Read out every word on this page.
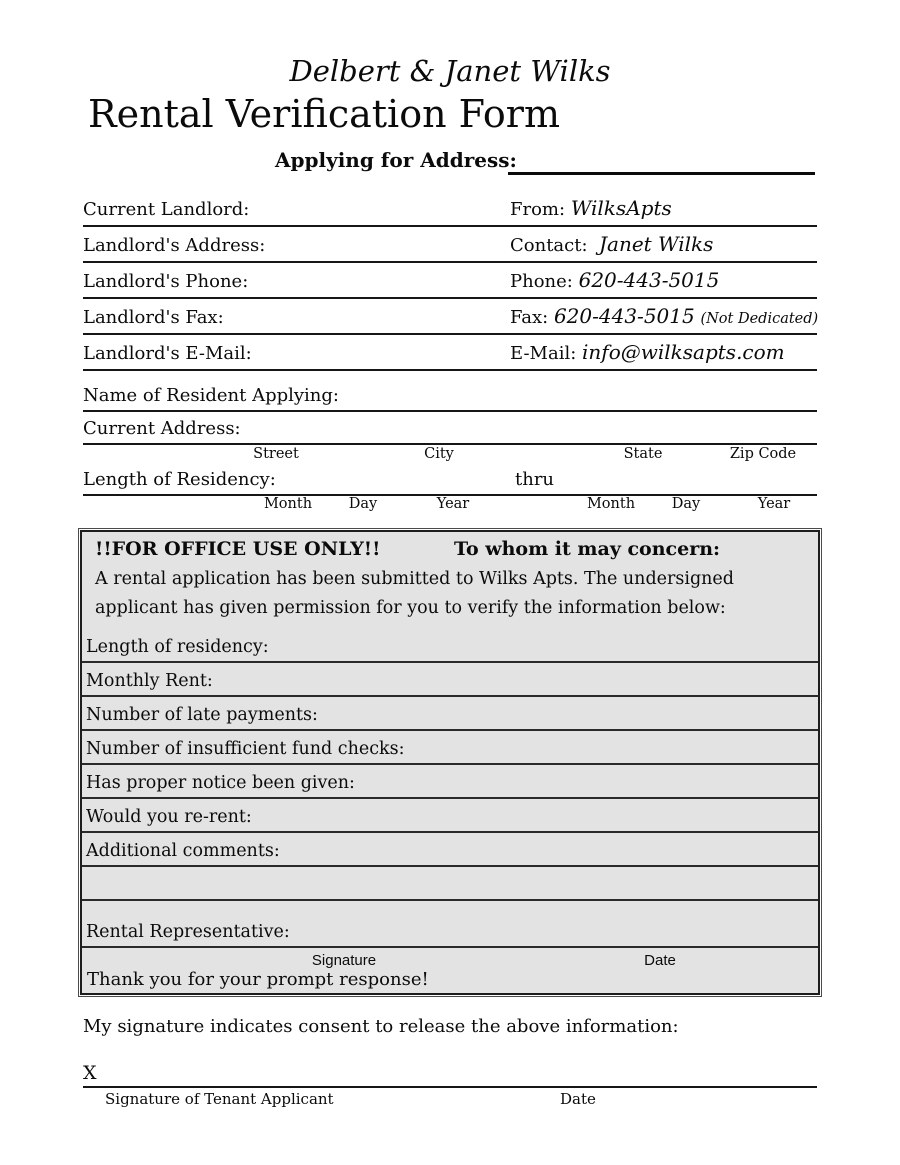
Delbert & Janet Wilks
Rental Verification Form
Applying for Address:
Current Landlord:	From: WilksApts
Landlord's Address:	Contact: Janet Wilks
Landlord's Phone:	Phone: 620-443-5015
Landlord's Fax:	Fax: 620-443-5015 (Not Dedicated)
Landlord's E-Mail:	E-Mail: info@wilksapts.com
Name of Resident Applying:
Current Address:
Street	City	State	Zip Code
Length of Residency:	thru
Month	Day	Year	Month	Day	Year
!!FOR OFFICE USE ONLY!!	To whom it may concern:
A rental application has been submitted to Wilks Apts. The undersigned
applicant has given permission for you to verify the information below:
Length of residency:
Monthly Rent:
Number of late payments:
Number of insufficient fund checks:
Has proper notice been given:
Would you re-rent:
Additional comments:
Rental Representative:
Signature	Date
Thank you for your prompt response!
My signature indicates consent to release the above information:
X
Signature of Tenant Applicant	Date
